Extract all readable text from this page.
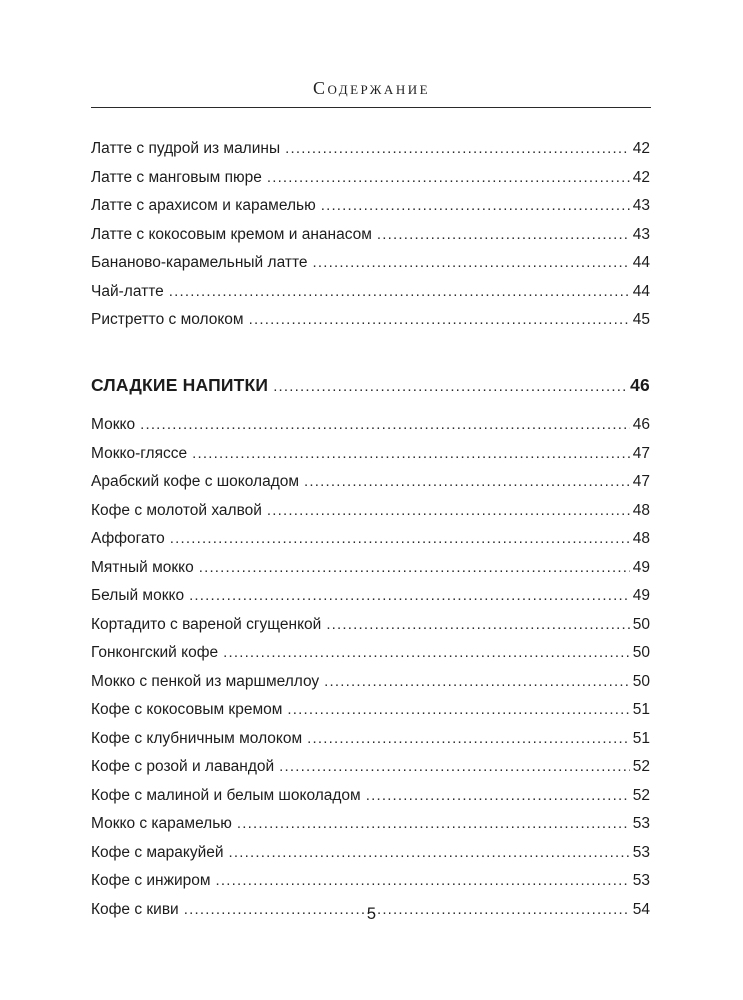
Содержание
Латте с пудрой из малины .....	42
Латте с манговым пюре .....	42
Латте с арахисом и карамелью .....	43
Латте с кокосовым кремом и ананасом .....	43
Бананово-карамельный латте .....	44
Чай-латте .....	44
Ристретто с молоком .....	45
СЛАДКИЕ НАПИТКИ .....	46
Мокко .....	46
Мокко-гляссе .....	47
Арабский кофе с шоколадом .....	47
Кофе с молотой халвой .....	48
Аффогато .....	48
Мятный мокко .....	49
Белый мокко .....	49
Кортадито с вареной сгущенкой .....	50
Гонконгский кофе .....	50
Мокко с пенкой из маршмеллоу .....	50
Кофе с кокосовым кремом .....	51
Кофе с клубничным молоком .....	51
Кофе с розой и лавандой .....	52
Кофе с малиной и белым шоколадом .....	52
Мокко с карамелью .....	53
Кофе с маракуйей .....	53
Кофе с инжиром .....	53
Кофе с киви .....	54
5
